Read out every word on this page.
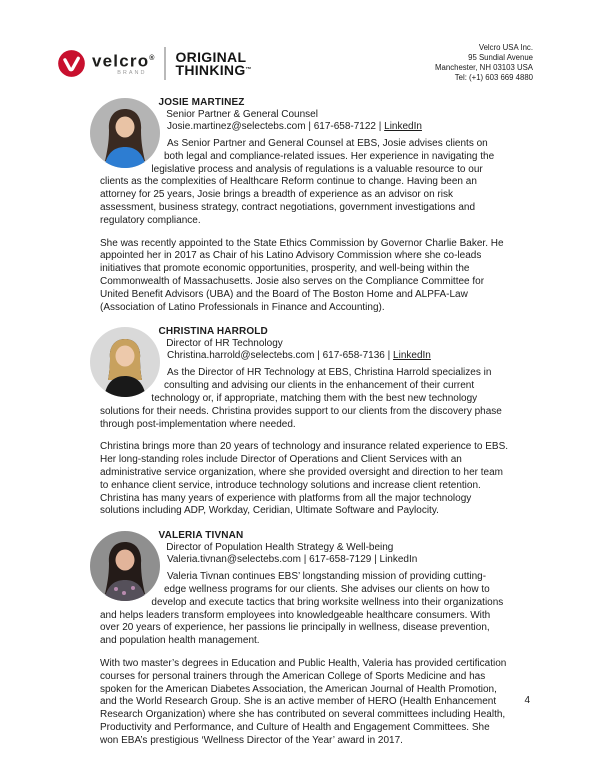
velcro®
BRAND
ORIGINAL
THINKING™
Velcro USA Inc.
95 Sundial Avenue
Manchester, NH 03103 USA
Tel: (+1) 603 669 4880
JOSIE MARTINEZ
Senior Partner & General Counsel
Josie.martinez@selectebs.com | 617-658-7122 | LinkedIn

As Senior Partner and General Counsel at EBS, Josie advises clients on both legal and compliance-related issues. Her experience in navigating the legislative process and analysis of regulations is a valuable resource to our clients as the complexities of Healthcare Reform continue to change. Having been an attorney for 25 years, Josie brings a breadth of experience as an advisor on risk assessment, business strategy, contract negotiations, government investigations and regulatory compliance.

She was recently appointed to the State Ethics Commission by Governor Charlie Baker. He appointed her in 2017 as Chair of his Latino Advisory Commission where she co-leads initiatives that promote economic opportunities, prosperity, and well-being within the Commonwealth of Massachusetts. Josie also serves on the Compliance Committee for United Benefit Advisors (UBA) and the Board of The Boston Home and ALPFA-Law (Association of Latino Professionals in Finance and Accounting).

CHRISTINA HARROLD
Director of HR Technology
Christina.harrold@selectebs.com | 617-658-7136 | LinkedIn

As the Director of HR Technology at EBS, Christina Harrold specializes in consulting and advising our clients in the enhancement of their current technology or, if appropriate, matching them with the best new technology solutions for their needs. Christina provides support to our clients from the discovery phase through post-implementation where needed.

Christina brings more than 20 years of technology and insurance related experience to EBS. Her long-standing roles include Director of Operations and Client Services with an administrative service organization, where she provided oversight and direction to her team to enhance client service, introduce technology solutions and increase client retention. Christina has many years of experience with platforms from all the major technology solutions including ADP, Workday, Ceridian, Ultimate Software and Paylocity.

VALERIA TIVNAN
Director of Population Health Strategy & Well-being
Valeria.tivnan@selectebs.com | 617-658-7129 | LinkedIn

Valeria Tivnan continues EBS’ longstanding mission of providing cutting-edge wellness programs for our clients. She advises our clients on how to develop and execute tactics that bring worksite wellness into their organizations and helps leaders transform employees into knowledgeable healthcare consumers. With over 20 years of experience, her passions lie principally in wellness, disease prevention, and population health management.

With two master’s degrees in Education and Public Health, Valeria has provided certification courses for personal trainers through the American College of Sports Medicine and has spoken for the American Diabetes Association, the American Journal of Health Promotion, and the World Research Group. She is an active member of HERO (Health Enhancement Research Organization) where she has contributed on several committees including Health, Productivity and Performance, and Culture of Health and Engagement Committees. She won EBA’s prestigious ‘Wellness Director of the Year’ award in 2017.

4
